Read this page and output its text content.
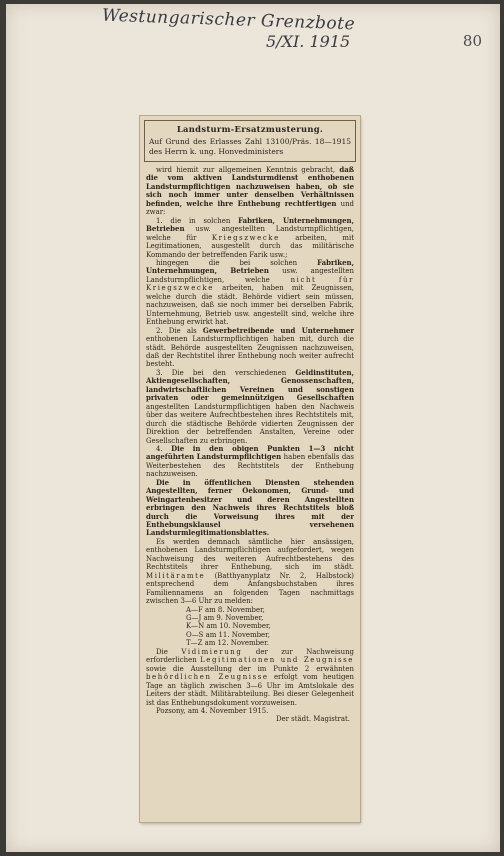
Westungarischer Grenzbote
5/XI. 1915	80
Landsturm-Ersatzmusterung.
Auf Grund des Erlasses Zahl 13100/Präs. 18—1915 des Herrn k. ung. Honvedministers

wird hiemit zur allgemeinen Kenntnis gebracht, daß die vom aktiven Landsturmdienst enthobenen Landsturmpflichtigen nachzuweisen haben, ob sie sich noch immer unter denselben Verhältnissen befinden, welche ihre Enthebung rechtfertigen und zwar:

1. die in solchen Fabriken, Unternehmungen, Betrieben usw. angestellten Landsturmpflichtigen, welche für Kriegszwecke arbeiten, mit Legitimationen, ausgestellt durch das militärische Kommando der betreffenden Farik usw.;

hingegen die bei solchen Fabriken, Unternehmungen, Betrieben usw. angestellten Landsturmpflichtigen, welche nicht für Kriegszwecke arbeiten, haben mit Zeugnissen, welche durch die städt. Behörde vidiert sein müssen, nachzuweisen, daß sie noch immer bei derselben Fabrik, Unternehmung, Betrieb usw. angestellt sind, welche ihre Enthebung erwirkt hat.

2. Die als Gewerbetreibende und Unternehmer enthobenen Landsturmpflichtigen haben mit, durch die städt. Behörde ausgestellten Zeugnissen nachzuweisen, daß der Rechtstitel ihrer Enthebung noch weiter aufrecht besteht.

3. Die bei den verschiedenen Geldinstituten, Aktiengesellschaften, Genossenschaften, landwirtschaftlichen Vereinen und sonstigen privaten oder gemeinnützigen Gesellschaften angestellten Landsturmpflichtigen haben den Nachweis über das weitere Aufrechtbestehen ihres Rechtstitels mit, durch die städtische Behörde vidierten Zeugnissen der Direktion der betreffenden Anstalten, Vereine oder Gesellschaften zu erbringen.

4. Die in den obigen Punkten 1—3 nicht angeführten Landsturmpflichtigen haben ebenfalls das Weiterbestehen des Rechtstitels der Enthebung nachzuweisen.

Die in öffentlichen Diensten stehenden Angestellten, ferner Oekonomen, Grund- und Weingartenbesitzer und deren Angestellten erbringen den Nachweis ihres Rechtstitels bloß durch die Vorweisung ihres mit der Enthebungsklausel versehenen Landsturmlegitimationsblattes.

Es werden demnach sämtliche hier ansässigen, enthobenen Landsturmpflichtigen aufgefordert, wegen Nachweisung des weiteren Aufrechtbestehens des Rechtstitels ihrer Enthebung, sich im städt. Militäramte (Batthyanyplatz Nr. 2, Halbstock) entsprechend dem Anfangsbuchstaben ihres Familiennamens an folgenden Tagen nachmittags zwischen 3—6 Uhr zu melden:

A—F am 8. November,

G—J am 9. November,

K—N am 10. November,

O—S am 11. November,

T—Z am 12. November.

Die Vidimierung der zur Nachweisung erforderlichen Legitimationen und Zeugnisse sowie die Ausstellung der im Punkte 2 erwähnten behördlichen Zeugnisse erfolgt vom heutigen Tage an täglich zwischen 3—6 Uhr im Amtslokale des Leiters der städt. Militärabteilung. Bei dieser Gelegenheit ist das Enthebungsdokument vorzuweisen.

Pozsony, am 4. November 1915.

Der städt. Magistrat.
